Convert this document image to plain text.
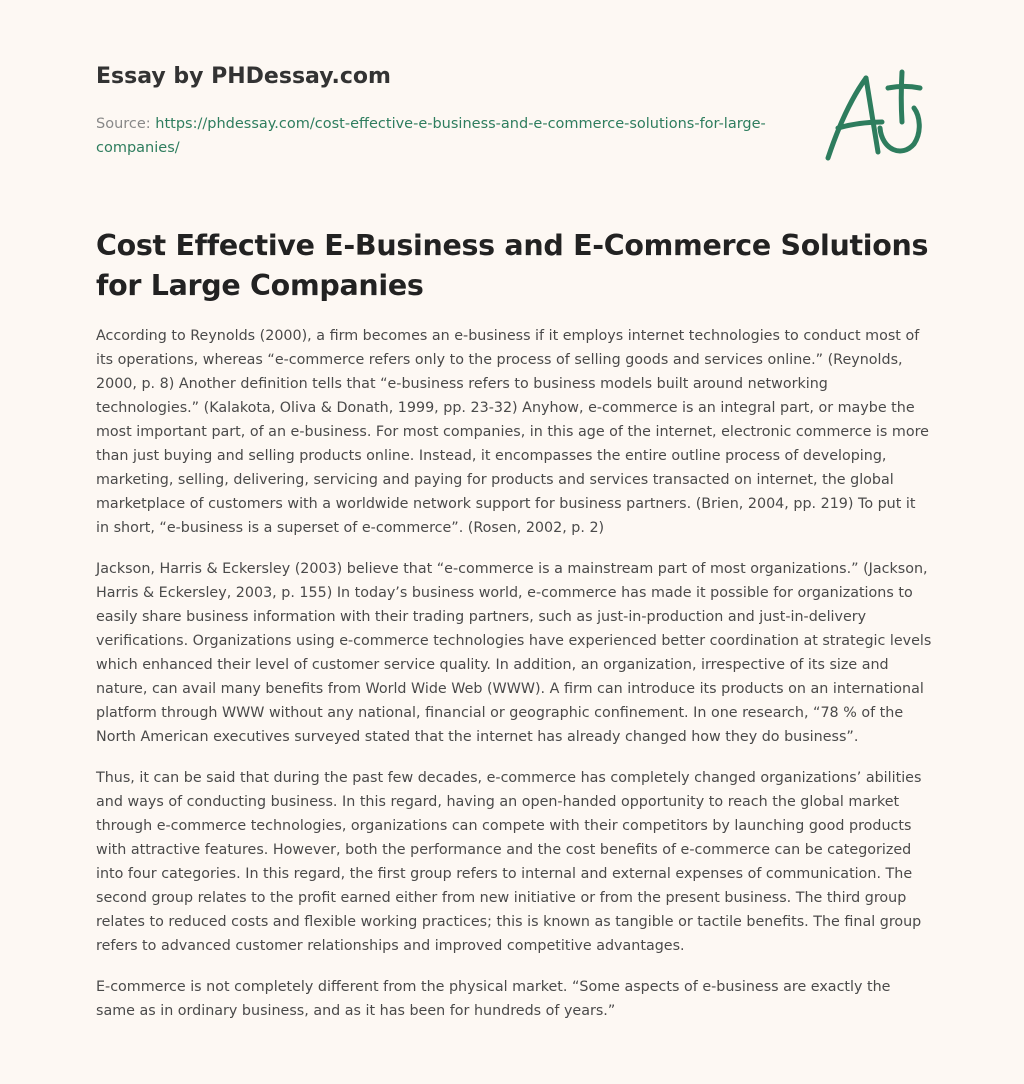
Essay by PHDessay.com
Source: https://phdessay.com/cost-effective-e-business-and-e-commerce-solutions-for-large-companies/
Cost Effective E-Business and E-Commerce Solutions for Large Companies

According to Reynolds (2000), a firm becomes an e-business if it employs internet technologies to conduct most of its operations, whereas “e-commerce refers only to the process of selling goods and services online.” (Reynolds, 2000, p. 8) Another definition tells that “e-business refers to business models built around networking technologies.” (Kalakota, Oliva & Donath, 1999, pp. 23-32) Anyhow, e-commerce is an integral part, or maybe the most important part, of an e-business. For most companies, in this age of the internet, electronic commerce is more than just buying and selling products online. Instead, it encompasses the entire outline process of developing, marketing, selling, delivering, servicing and paying for products and services transacted on internet, the global marketplace of customers with a worldwide network support for business partners. (Brien, 2004, pp. 219) To put it in short, “e-business is a superset of e-commerce”. (Rosen, 2002, p. 2)

Jackson, Harris & Eckersley (2003) believe that “e-commerce is a mainstream part of most organizations.” (Jackson, Harris & Eckersley, 2003, p. 155) In today’s business world, e-commerce has made it possible for organizations to easily share business information with their trading partners, such as just-in-production and just-in-delivery verifications. Organizations using e-commerce technologies have experienced better coordination at strategic levels which enhanced their level of customer service quality. In addition, an organization, irrespective of its size and nature, can avail many benefits from World Wide Web (WWW). A firm can introduce its products on an international platform through WWW without any national, financial or geographic confinement. In one research, “78 % of the North American executives surveyed stated that the internet has already changed how they do business”.

Thus, it can be said that during the past few decades, e-commerce has completely changed organizations’ abilities and ways of conducting business. In this regard, having an open-handed opportunity to reach the global market through e-commerce technologies, organizations can compete with their competitors by launching good products with attractive features. However, both the performance and the cost benefits of e-commerce can be categorized into four categories. In this regard, the first group refers to internal and external expenses of communication. The second group relates to the profit earned either from new initiative or from the present business. The third group relates to reduced costs and flexible working practices; this is known as tangible or tactile benefits. The final group refers to advanced customer relationships and improved competitive advantages.

E-commerce is not completely different from the physical market. “Some aspects of e-business are exactly the same as in ordinary business, and as it has been for hundreds of years.”
